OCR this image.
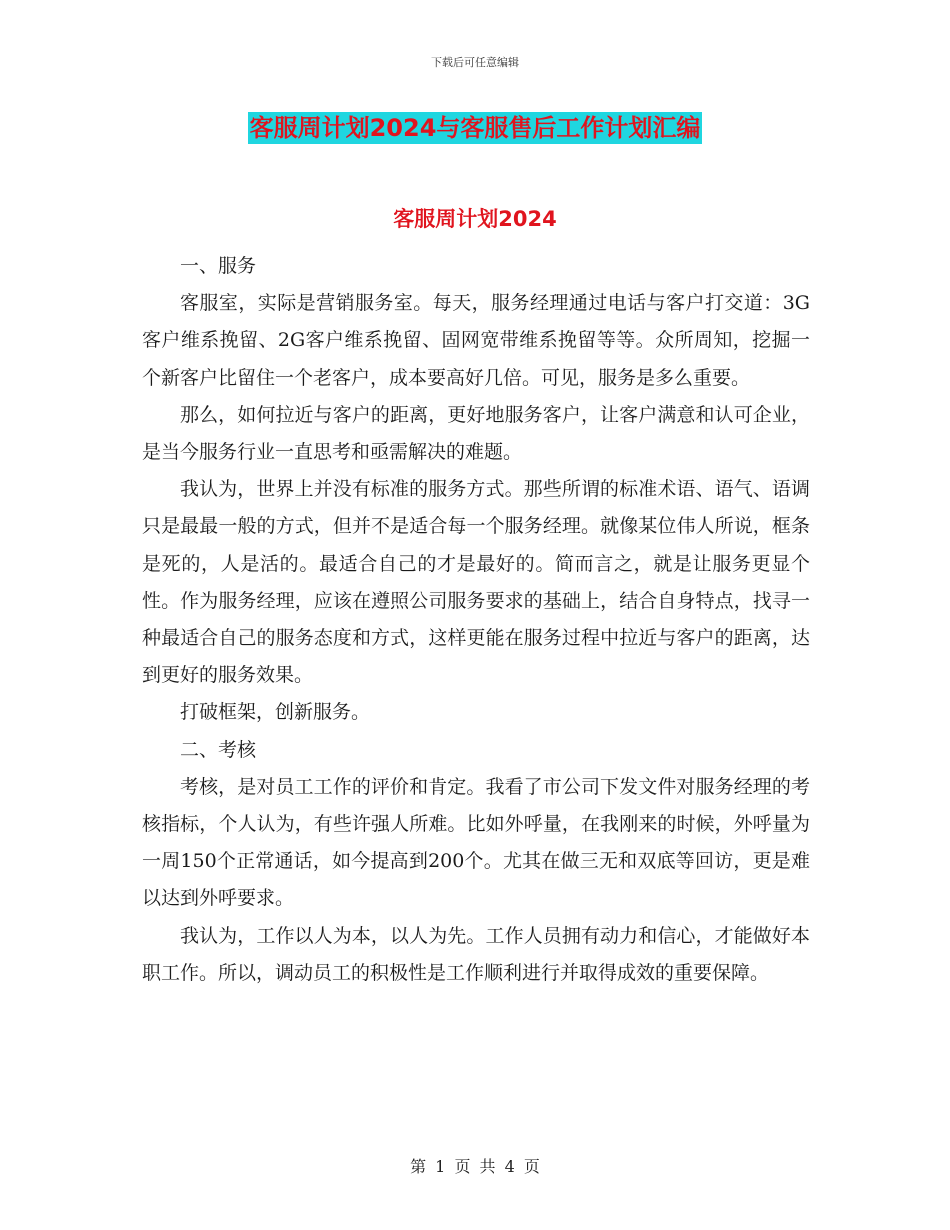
下载后可任意编辑
客服周计划2024与客服售后工作计划汇编
客服周计划2024

一、服务

客服室，实际是营销服务室。每天，服务经理通过电话与客户打交道：3G客户维系挽留、2G客户维系挽留、固网宽带维系挽留等等。众所周知，挖掘一个新客户比留住一个老客户，成本要高好几倍。可见，服务是多么重要。

那么，如何拉近与客户的距离，更好地服务客户，让客户满意和认可企业，是当今服务行业一直思考和亟需解决的难题。

我认为，世界上并没有标准的服务方式。那些所谓的标准术语、语气、语调只是最最一般的方式，但并不是适合每一个服务经理。就像某位伟人所说，框条是死的，人是活的。最适合自己的才是最好的。简而言之，就是让服务更显个性。作为服务经理，应该在遵照公司服务要求的基础上，结合自身特点，找寻一种最适合自己的服务态度和方式，这样更能在服务过程中拉近与客户的距离，达到更好的服务效果。

打破框架，创新服务。

二、考核

考核，是对员工工作的评价和肯定。我看了市公司下发文件对服务经理的考核指标，个人认为，有些许强人所难。比如外呼量，在我刚来的时候，外呼量为一周150个正常通话，如今提高到200个。尤其在做三无和双底等回访，更是难以达到外呼要求。

我认为，工作以人为本，以人为先。工作人员拥有动力和信心，才能做好本职工作。所以，调动员工的积极性是工作顺利进行并取得成效的重要保障。

第 1 页 共 4 页
